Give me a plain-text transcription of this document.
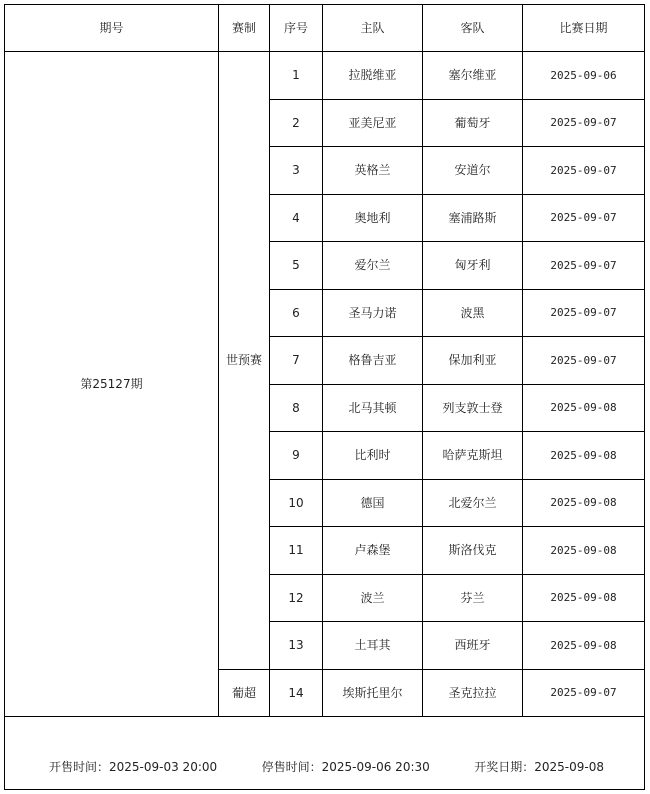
期号	赛制	序号	主队	客队	比赛日期
第25127期	世预赛	1	拉脱维亚	塞尔维亚	2025-09-06
		2	亚美尼亚	葡萄牙	2025-09-07
		3	英格兰	安道尔	2025-09-07
		4	奥地利	塞浦路斯	2025-09-07
		5	爱尔兰	匈牙利	2025-09-07
		6	圣马力诺	波黑	2025-09-07
		7	格鲁吉亚	保加利亚	2025-09-07
		8	北马其顿	列支敦士登	2025-09-08
		9	比利时	哈萨克斯坦	2025-09-08
		10	德国	北爱尔兰	2025-09-08
		11	卢森堡	斯洛伐克	2025-09-08
		12	波兰	芬兰	2025-09-08
		13	土耳其	西班牙	2025-09-08
	葡超	14	埃斯托里尔	圣克拉拉	2025-09-07

开售时间：2025-09-03 20:00 停售时间：2025-09-06 20:30 开奖日期：2025-09-08					
